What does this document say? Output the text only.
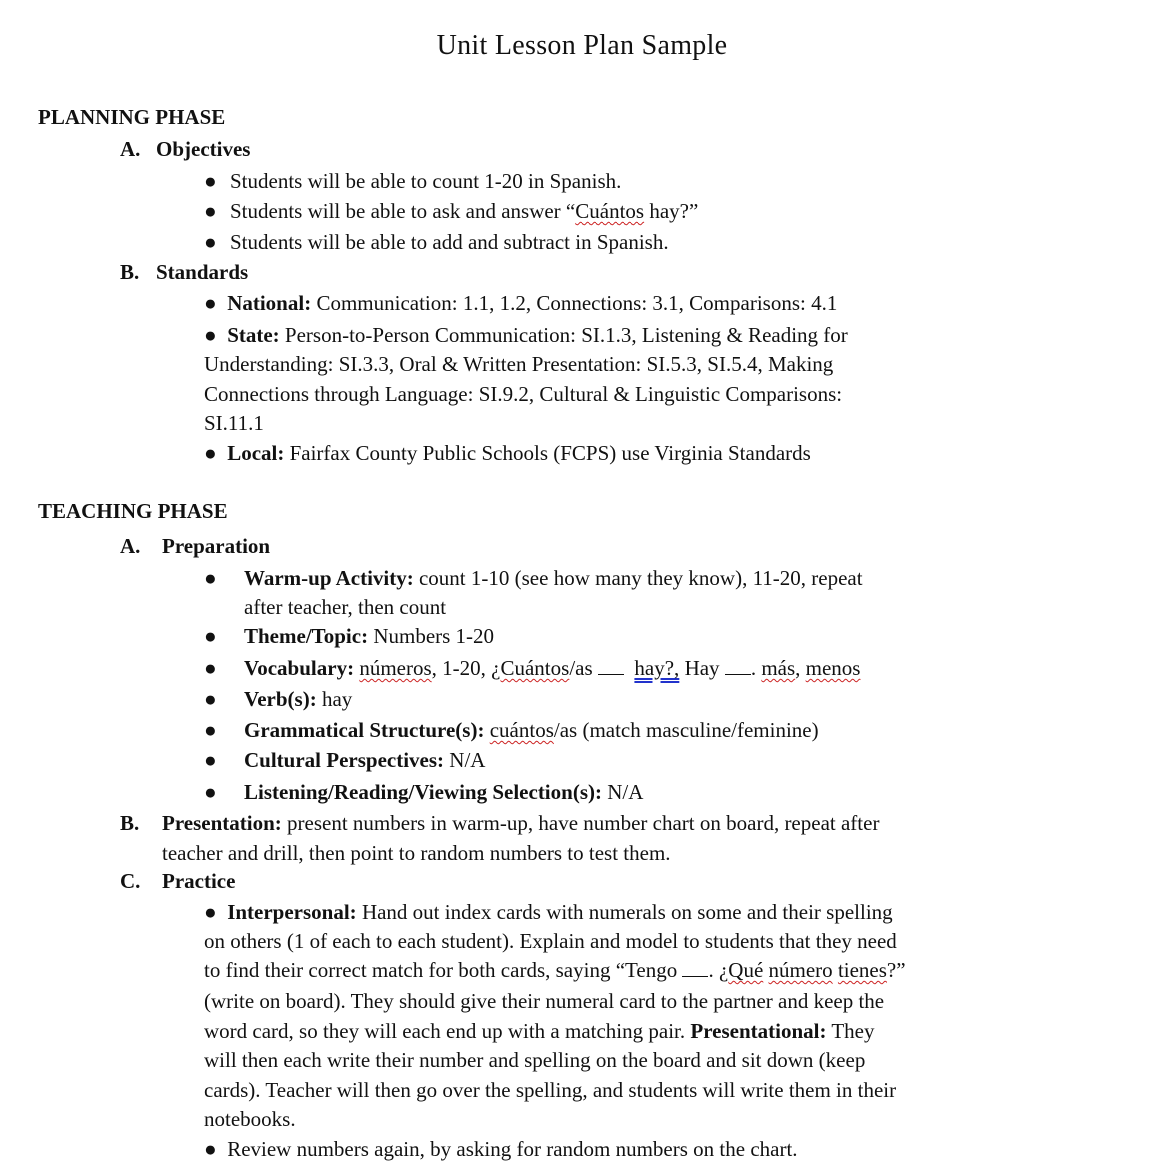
Unit Lesson Plan Sample
PLANNING PHASE
A. Objectives
● Students will be able to count 1-20 in Spanish.
● Students will be able to ask and answer “Cuántos hay?”
● Students will be able to add and subtract in Spanish.
B. Standards
● National: Communication: 1.1, 1.2, Connections: 3.1, Comparisons: 4.1
● State: Person-to-Person Communication: SI.1.3, Listening & Reading for
Understanding: SI.3.3, Oral & Written Presentation: SI.5.3, SI.5.4, Making
Connections through Language: SI.9.2, Cultural & Linguistic Comparisons:
SI.11.1
● Local: Fairfax County Public Schools (FCPS) use Virginia Standards
TEACHING PHASE
A. Preparation
● Warm-up Activity: count 1-10 (see how many they know), 11-20, repeat
after teacher, then count
● Theme/Topic: Numbers 1-20
● Vocabulary: números, 1-20, ¿Cuántos/as   hay?, Hay . más, menos
● Verb(s): hay
● Grammatical Structure(s): cuántos/as (match masculine/feminine)
● Cultural Perspectives: N/A
● Listening/Reading/Viewing Selection(s): N/A
B. Presentation: present numbers in warm-up, have number chart on board, repeat after
teacher and drill, then point to random numbers to test them.
C. Practice
● Interpersonal: Hand out index cards with numerals on some and their spelling
on others (1 of each to each student). Explain and model to students that they need
to find their correct match for both cards, saying “Tengo . ¿Qué número tienes?”
(write on board). They should give their numeral card to the partner and keep the
word card, so they will each end up with a matching pair. Presentational: They
will then each write their number and spelling on the board and sit down (keep
cards). Teacher will then go over the spelling, and students will write them in their
notebooks.
● Review numbers again, by asking for random numbers on the chart.
